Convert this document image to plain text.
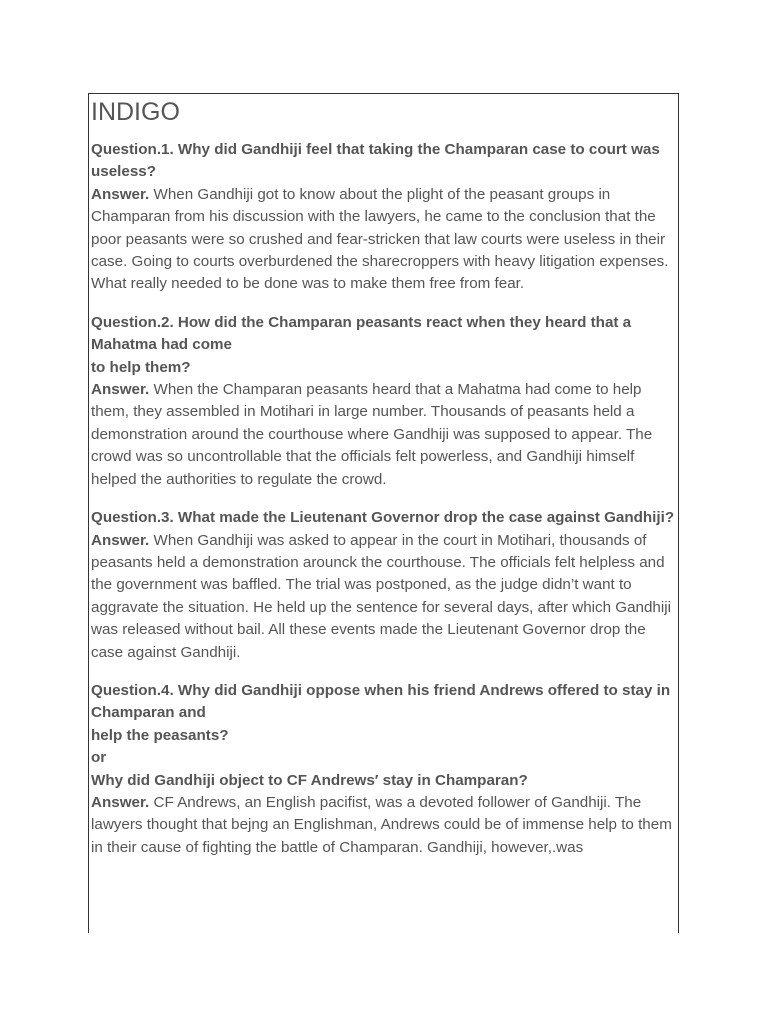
INDIGO
Question.1. Why did Gandhiji feel that taking the Champaran case to court was useless?
Answer. When Gandhiji got to know about the plight of the peasant groups in Champaran from his discussion with the lawyers, he came to the conclusion that the poor peasants were so crushed and fear-stricken that law courts were useless in their case. Going to courts overburdened the sharecroppers with heavy litigation expenses. What really needed to be done was to make them free from fear.
Question.2. How did the Champaran peasants react when they heard that a Mahatma had come
to help them?
Answer. When the Champaran peasants heard that a Mahatma had come to help them, they assembled in Motihari in large number. Thousands of peasants held a demonstration around the courthouse where Gandhiji was supposed to appear. The crowd was so uncontrollable that the officials felt powerless, and Gandhiji himself helped the authorities to regulate the crowd.
Question.3. What made the Lieutenant Governor drop the case against Gandhiji?
Answer. When Gandhiji was asked to appear in the court in Motihari, thousands of peasants held a demonstration arounck the courthouse. The officials felt helpless and the government was baffled. The trial was postponed, as the judge didn’t want to aggravate the situation. He held up the sentence for several days, after which Gandhiji was released without bail. All these events made the Lieutenant Governor drop the case against Gandhiji.
Question.4. Why did Gandhiji oppose when his friend Andrews offered to stay in Champaran and
help the peasants?
or
Why did Gandhiji object to CF Andrews′ stay in Champaran?
Answer. CF Andrews, an English pacifist, was a devoted follower of Gandhiji. The lawyers thought that bejng an Englishman, Andrews could be of immense help to them in their cause of fighting the battle of Champaran. Gandhiji, however,.was
